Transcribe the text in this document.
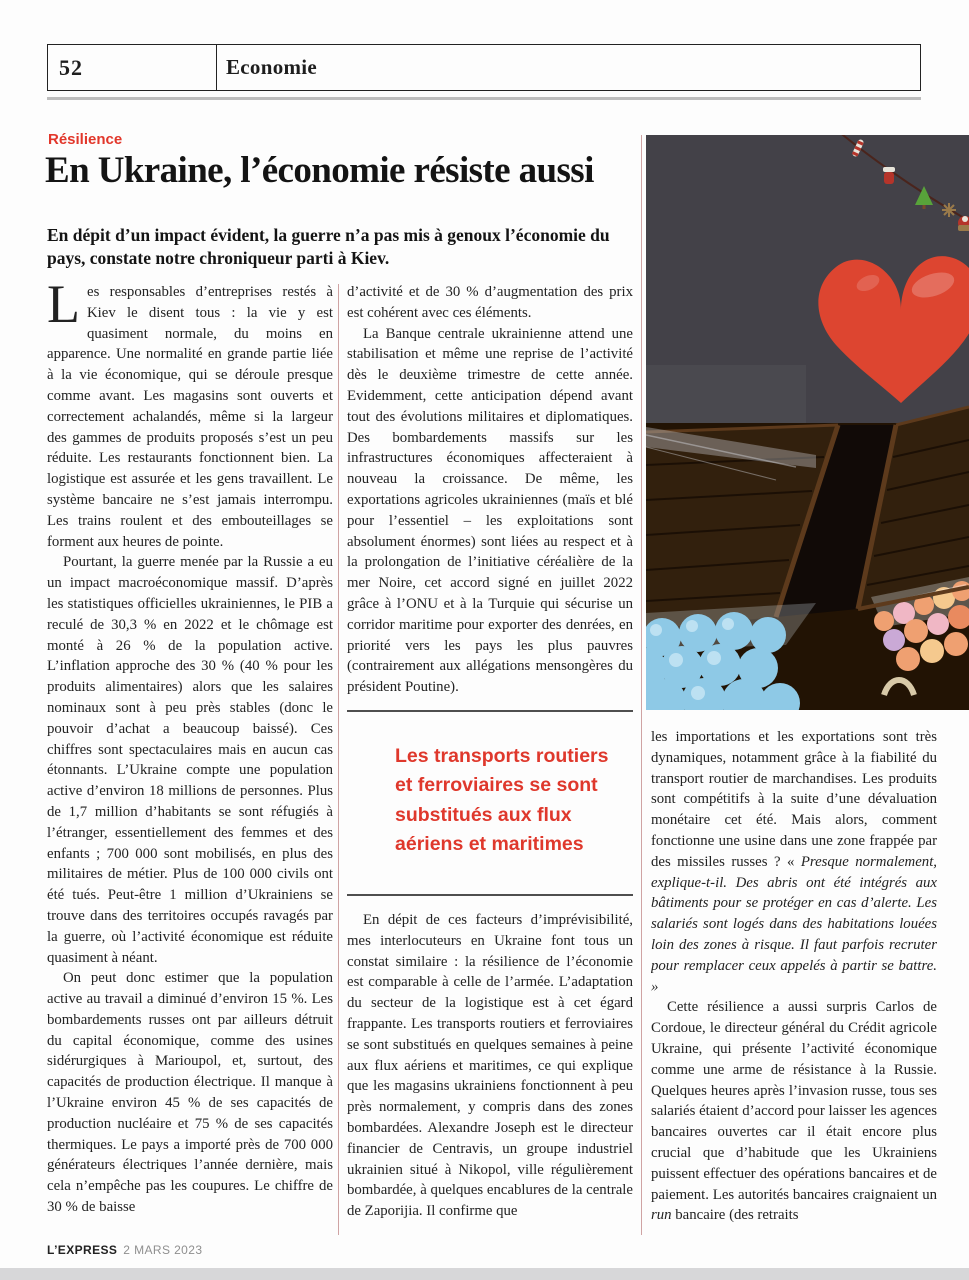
52	Economie
Résilience
En Ukraine, l’économie résiste aussi

En dépit d’un impact évident, la guerre n’a pas mis à genoux l’économie du pays, constate notre chroniqueur parti à Kiev.

Les responsables d’entreprises restés à Kiev le disent tous : la vie y est quasiment normale, du moins en apparence. Une normalité en grande partie liée à la vie économique, qui se déroule presque comme avant. Les magasins sont ouverts et correctement achalandés, même si la largeur des gammes de produits proposés s’est un peu réduite. Les restaurants fonctionnent bien. La logistique est assurée et les gens travaillent. Le système bancaire ne s’est jamais interrompu. Les trains roulent et des embouteillages se forment aux heures de pointe.

Pourtant, la guerre menée par la Russie a eu un impact macroéconomique massif. D’après les statistiques officielles ukrainiennes, le PIB a reculé de 30,3 % en 2022 et le chômage est monté à 26 % de la population active. L’inflation approche des 30 % (40 % pour les produits alimentaires) alors que les salaires nominaux sont à peu près stables (donc le pouvoir d’achat a beaucoup baissé). Ces chiffres sont spectaculaires mais en aucun cas étonnants. L’Ukraine compte une population active d’environ 18 millions de personnes. Plus de 1,7 million d’habitants se sont réfugiés à l’étranger, essentiellement des femmes et des enfants ; 700 000 sont mobilisés, en plus des militaires de métier. Plus de 100 000 civils ont été tués. Peut-être 1 million d’Ukrainiens se trouve dans des territoires occupés ravagés par la guerre, où l’activité économique est réduite quasiment à néant.

On peut donc estimer que la population active au travail a diminué d’environ 15 %. Les bombardements russes ont par ailleurs détruit du capital économique, comme des usines sidérurgiques à Marioupol, et, surtout, des capacités de production électrique. Il manque à l’Ukraine environ 45 % de ses capacités de production nucléaire et 75 % de ses capacités thermiques. Le pays a importé près de 700 000 générateurs électriques l’année dernière, mais cela n’empêche pas les coupures. Le chiffre de 30 % de baisse

d’activité et de 30 % d’augmentation des prix est cohérent avec ces éléments.

La Banque centrale ukrainienne attend une stabilisation et même une reprise de l’activité dès le deuxième trimestre de cette année. Evidemment, cette anticipation dépend avant tout des évolutions militaires et diplomatiques. Des bombardements massifs sur les infrastructures économiques affecteraient à nouveau la croissance. De même, les exportations agricoles ukrainiennes (maïs et blé pour l’essentiel – les exploitations sont absolument énormes) sont liées au respect et à la prolongation de l’initiative céréalière de la mer Noire, cet accord signé en juillet 2022 grâce à l’ONU et à la Turquie qui sécurise un corridor maritime pour exporter des denrées, en priorité vers les pays les plus pauvres (contrairement aux allégations mensongères du président Poutine).

Les transports routiers
et ferroviaires se sont
substitués aux flux
aériens et maritimes

En dépit de ces facteurs d’imprévisibilité, mes interlocuteurs en Ukraine font tous un constat similaire : la résilience de l’économie est comparable à celle de l’armée. L’adaptation du secteur de la logistique est à cet égard frappante. Les transports routiers et ferroviaires se sont substitués en quelques semaines à peine aux flux aériens et maritimes, ce qui explique que les magasins ukrainiens fonctionnent à peu près normalement, y compris dans des zones bombardées. Alexandre Joseph est le directeur financier de Centravis, un groupe industriel ukrainien situé à Nikopol, ville régulièrement bombardée, à quelques encablures de la centrale de Zaporijia. Il confirme que

les importations et les exportations sont très dynamiques, notamment grâce à la fiabilité du transport routier de marchandises. Les produits sont compétitifs à la suite d’une dévaluation monétaire cet été. Mais alors, comment fonctionne une usine dans une zone frappée par des missiles russes ? « Presque normalement, explique-t-il. Des abris ont été intégrés aux bâtiments pour se protéger en cas d’alerte. Les salariés sont logés dans des habitations louées loin des zones à risque. Il faut parfois recruter pour remplacer ceux appelés à partir se battre. »

Cette résilience a aussi surpris Carlos de Cordoue, le directeur général du Crédit agricole Ukraine, qui présente l’activité économique comme une arme de résistance à la Russie. Quelques heures après l’invasion russe, tous ses salariés étaient d’accord pour laisser les agences bancaires ouvertes car il était encore plus crucial que d’habitude que les Ukrainiens puissent effectuer des opérations bancaires et de paiement. Les autorités bancaires craignaient un run bancaire (des retraits

L’EXPRESS 2 MARS 2023
